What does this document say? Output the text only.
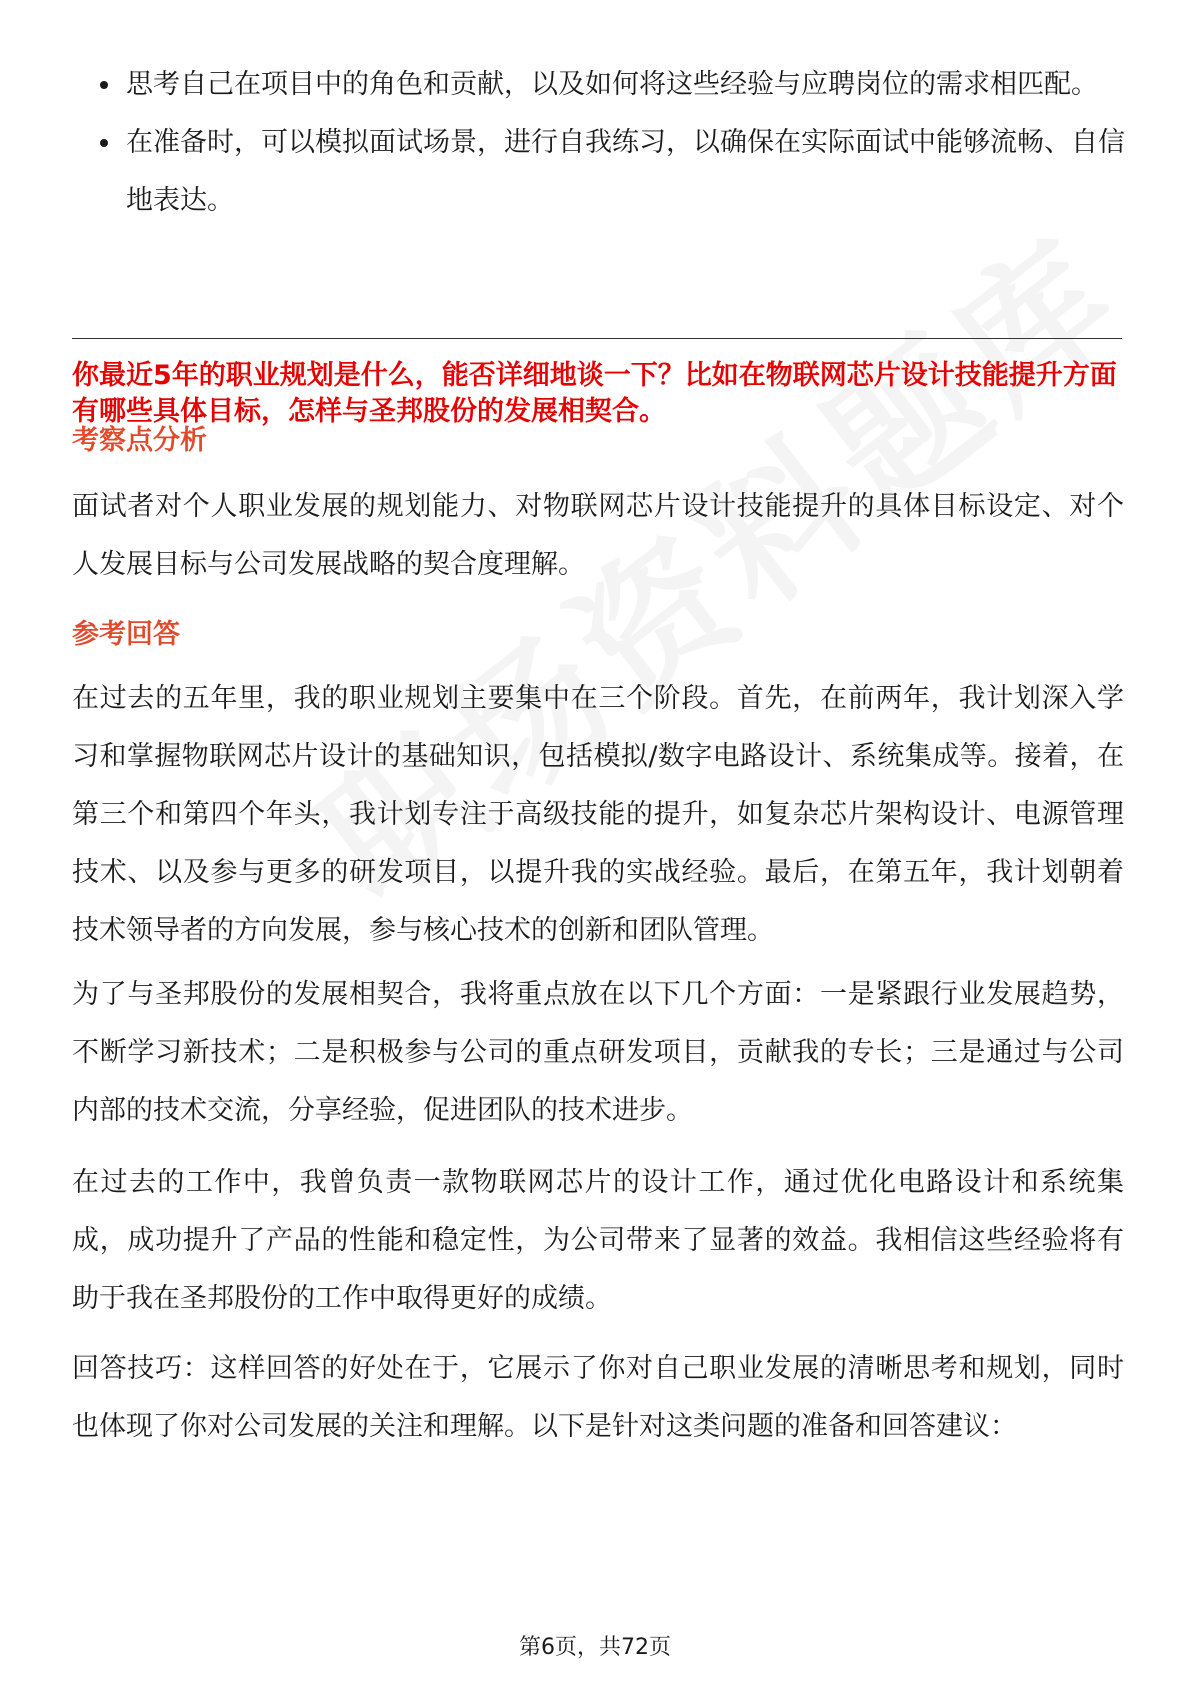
思考自己在项目中的角色和贡献，以及如何将这些经验与应聘岗位的需求相匹配。
在准备时，可以模拟面试场景，进行自我练习，以确保在实际面试中能够流畅、自信地表达。

你最近5年的职业规划是什么，能否详细地谈一下？比如在物联网芯片设计技能提升方面有哪些具体目标，怎样与圣邦股份的发展相契合。

考察点分析

面试者对个人职业发展的规划能力、对物联网芯片设计技能提升的具体目标设定、对个人发展目标与公司发展战略的契合度理解。

参考回答

在过去的五年里，我的职业规划主要集中在三个阶段。首先，在前两年，我计划深入学习和掌握物联网芯片设计的基础知识，包括模拟/数字电路设计、系统集成等。接着，在第三个和第四个年头，我计划专注于高级技能的提升，如复杂芯片架构设计、电源管理技术、以及参与更多的研发项目，以提升我的实战经验。最后，在第五年，我计划朝着技术领导者的方向发展，参与核心技术的创新和团队管理。

为了与圣邦股份的发展相契合，我将重点放在以下几个方面：一是紧跟行业发展趋势，不断学习新技术；二是积极参与公司的重点研发项目，贡献我的专长；三是通过与公司内部的技术交流，分享经验，促进团队的技术进步。

在过去的工作中，我曾负责一款物联网芯片的设计工作，通过优化电路设计和系统集成，成功提升了产品的性能和稳定性，为公司带来了显著的效益。我相信这些经验将有助于我在圣邦股份的工作中取得更好的成绩。

回答技巧：这样回答的好处在于，它展示了你对自己职业发展的清晰思考和规划，同时也体现了你对公司发展的关注和理解。以下是针对这类问题的准备和回答建议：

第6页，共72页
